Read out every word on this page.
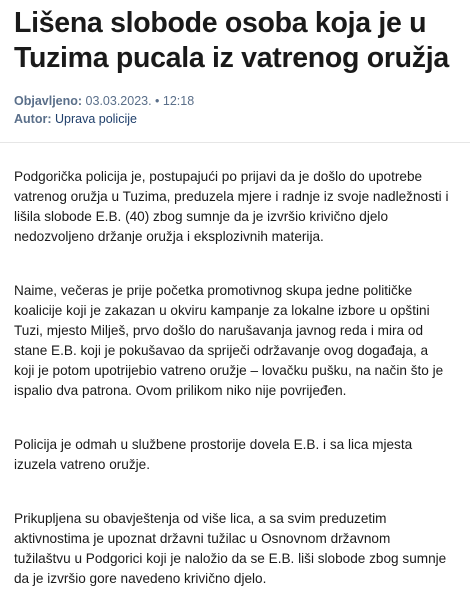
Lišena slobode osoba koja je u Tuzima pucala iz vatrenog oružja
Objavljeno: 03.03.2023. • 12:18
Autor: Uprava policije

Podgorička policija je, postupajući po prijavi da je došlo do upotrebe vatrenog oružja u Tuzima, preduzela mjere i radnje iz svoje nadležnosti i lišila slobode E.B. (40) zbog sumnje da je izvršio krivično djelo nedozvoljeno držanje oružja i eksplozivnih materija.

Naime, večeras je prije početka promotivnog skupa jedne političke koalicije koji je zakazan u okviru kampanje za lokalne izbore u opštini Tuzi, mjesto Milješ, prvo došlo do narušavanja javnog reda i mira od stane E.B. koji je pokušavao da spriječi održavanje ovog događaja, a koji je potom upotrijebio vatreno oružje – lovačku pušku, na način što je ispalio dva patrona. Ovom prilikom niko nije povrijeđen.

Policija je odmah u službene prostorije dovela E.B. i sa lica mjesta izuzela vatreno oružje.

Prikupljena su obavještenja od više lica, a sa svim preduzetim aktivnostima je upoznat državni tužilac u Osnovnom državnom tužilaštvu u Podgorici koji je naložio da se E.B. liši slobode zbog sumnje da je izvršio gore navedeno krivično djelo.
